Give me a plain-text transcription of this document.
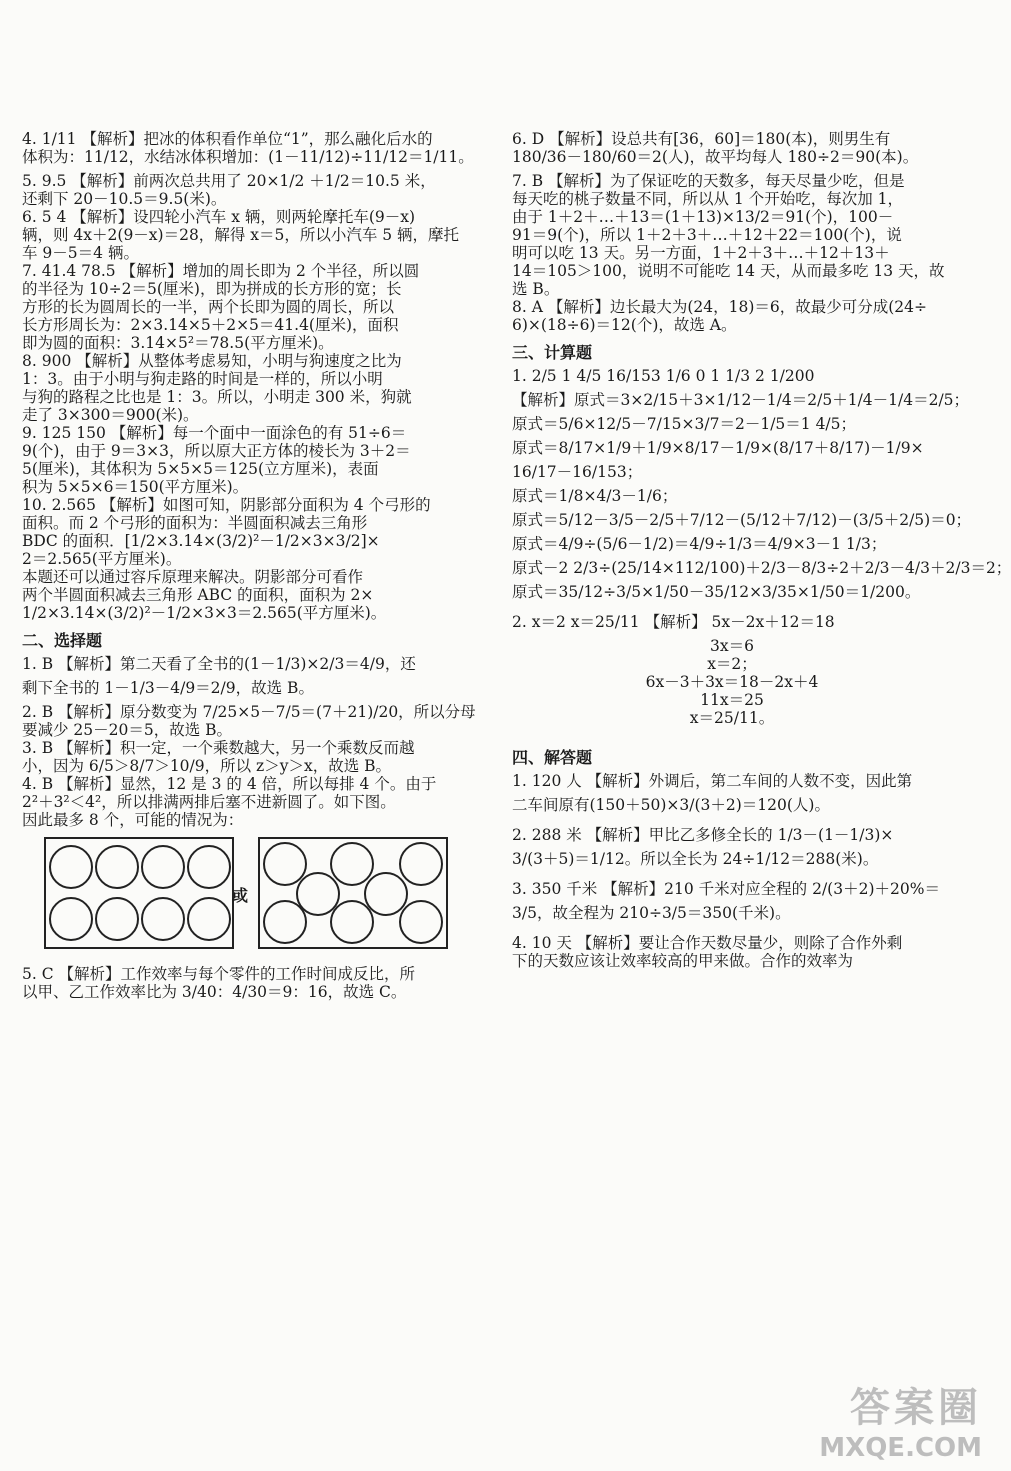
4. 1/11 【解析】把冰的体积看作单位“1”，那么融化后水的
体积为：11/12，水结冰体积增加：(1－11/12)÷11/12＝1/11。
5. 9.5 【解析】前两次总共用了 20×1/2 ＋1/2＝10.5 米，
还剩下 20－10.5＝9.5(米)。
6. 5 4 【解析】设四轮小汽车 x 辆，则两轮摩托车(9－x)
辆，则 4x＋2(9－x)＝28，解得 x＝5，所以小汽车 5 辆，摩托
车 9－5＝4 辆。
7. 41.4 78.5 【解析】增加的周长即为 2 个半径，所以圆
的半径为 10÷2＝5(厘米)，即为拼成的长方形的宽；长
方形的长为圆周长的一半，两个长即为圆的周长，所以
长方形周长为：2×3.14×5＋2×5＝41.4(厘米)，面积
即为圆的面积：3.14×5²＝78.5(平方厘米)。
8. 900 【解析】从整体考虑易知，小明与狗速度之比为
1：3。由于小明与狗走路的时间是一样的，所以小明
与狗的路程之比也是 1：3。所以，小明走 300 米，狗就
走了 3×300＝900(米)。
9. 125 150 【解析】每一个面中一面涂色的有 51÷6＝
9(个)，由于 9＝3×3，所以原大正方体的棱长为 3＋2＝
5(厘米)，其体积为 5×5×5＝125(立方厘米)，表面
积为 5×5×6＝150(平方厘米)。
10. 2.565 【解析】如图可知，阴影部分面积为 4 个弓形的
面积。而 2 个弓形的面积为：半圆面积减去三角形
BDC 的面积．[1/2×3.14×(3/2)²－1/2×3×3/2]×
2＝2.565(平方厘米)。
本题还可以通过容斥原理来解决。阴影部分可看作
两个半圆面积减去三角形 ABC 的面积，面积为 2×
1/2×3.14×(3/2)²－1/2×3×3＝2.565(平方厘米)。
二、选择题
1. B 【解析】第二天看了全书的(1－1/3)×2/3＝4/9，还
剩下全书的 1－1/3－4/9＝2/9，故选 B。
2. B 【解析】原分数变为 7/25×5－7/5＝(7＋21)/20，所以分母
要减少 25－20＝5，故选 B。
3. B 【解析】积一定，一个乘数越大，另一个乘数反而越
小，因为 6/5＞8/7＞10/9，所以 z＞y＞x，故选 B。
4. B 【解析】显然，12 是 3 的 4 倍，所以每排 4 个。由于
2²＋3²＜4²，所以排满两排后塞不进新圆了。如下图。
因此最多 8 个，可能的情况为：
或
5. C 【解析】工作效率与每个零件的工作时间成反比，所
以甲、乙工作效率比为 3/40：4/30＝9：16，故选 C。
6. D 【解析】设总共有[36，60]＝180(本)，则男生有
180/36－180/60＝2(人)，故平均每人 180÷2＝90(本)。
7. B 【解析】为了保证吃的天数多，每天尽量少吃，但是
每天吃的桃子数量不同，所以从 1 个开始吃，每次加 1，
由于 1＋2＋…＋13＝(1＋13)×13/2＝91(个)，100－
91＝9(个)，所以 1＋2＋3＋…＋12＋22＝100(个)，说
明可以吃 13 天。另一方面，1＋2＋3＋…＋12＋13＋
14＝105＞100，说明不可能吃 14 天，从而最多吃 13 天，故
选 B。
8. A 【解析】边长最大为(24，18)＝6，故最少可分成(24÷
6)×(18÷6)＝12(个)，故选 A。
三、计算题
1. 2/5 1 4/5 16/153 1/6 0 1 1/3 2 1/200
【解析】原式＝3×2/15＋3×1/12－1/4＝2/5＋1/4－1/4＝2/5；
原式＝5/6×12/5－7/15×3/7＝2－1/5＝1 4/5；
原式＝8/17×1/9＋1/9×8/17－1/9×(8/17＋8/17)－1/9×
16/17－16/153；
原式＝1/8×4/3－1/6；
原式＝5/12－3/5－2/5＋7/12－(5/12＋7/12)－(3/5＋2/5)＝0；
原式＝4/9÷(5/6－1/2)＝4/9÷1/3＝4/9×3－1 1/3；
原式－2 2/3÷(25/14×112/100)＋2/3－8/3÷2＋2/3－4/3＋2/3＝2；
原式＝35/12÷3/5×1/50－35/12×3/35×1/50＝1/200。
2. x＝2 x＝25/11 【解析】 5x－2x＋12＝18
3x＝6
x＝2；
6x－3＋3x＝18－2x＋4
11x＝25
x＝25/11。
四、解答题
1. 120 人 【解析】外调后，第二车间的人数不变，因此第
二车间原有(150＋50)×3/(3＋2)＝120(人)。
2. 288 米 【解析】甲比乙多修全长的 1/3－(1－1/3)×
3/(3＋5)＝1/12。所以全长为 24÷1/12＝288(米)。
3. 350 千米 【解析】210 千米对应全程的 2/(3＋2)＋20%＝
3/5，故全程为 210÷3/5＝350(千米)。
4. 10 天 【解析】要让合作天数尽量少，则除了合作外剩
下的天数应该让效率较高的甲来做。合作的效率为
答案圈
MXQE.COM
